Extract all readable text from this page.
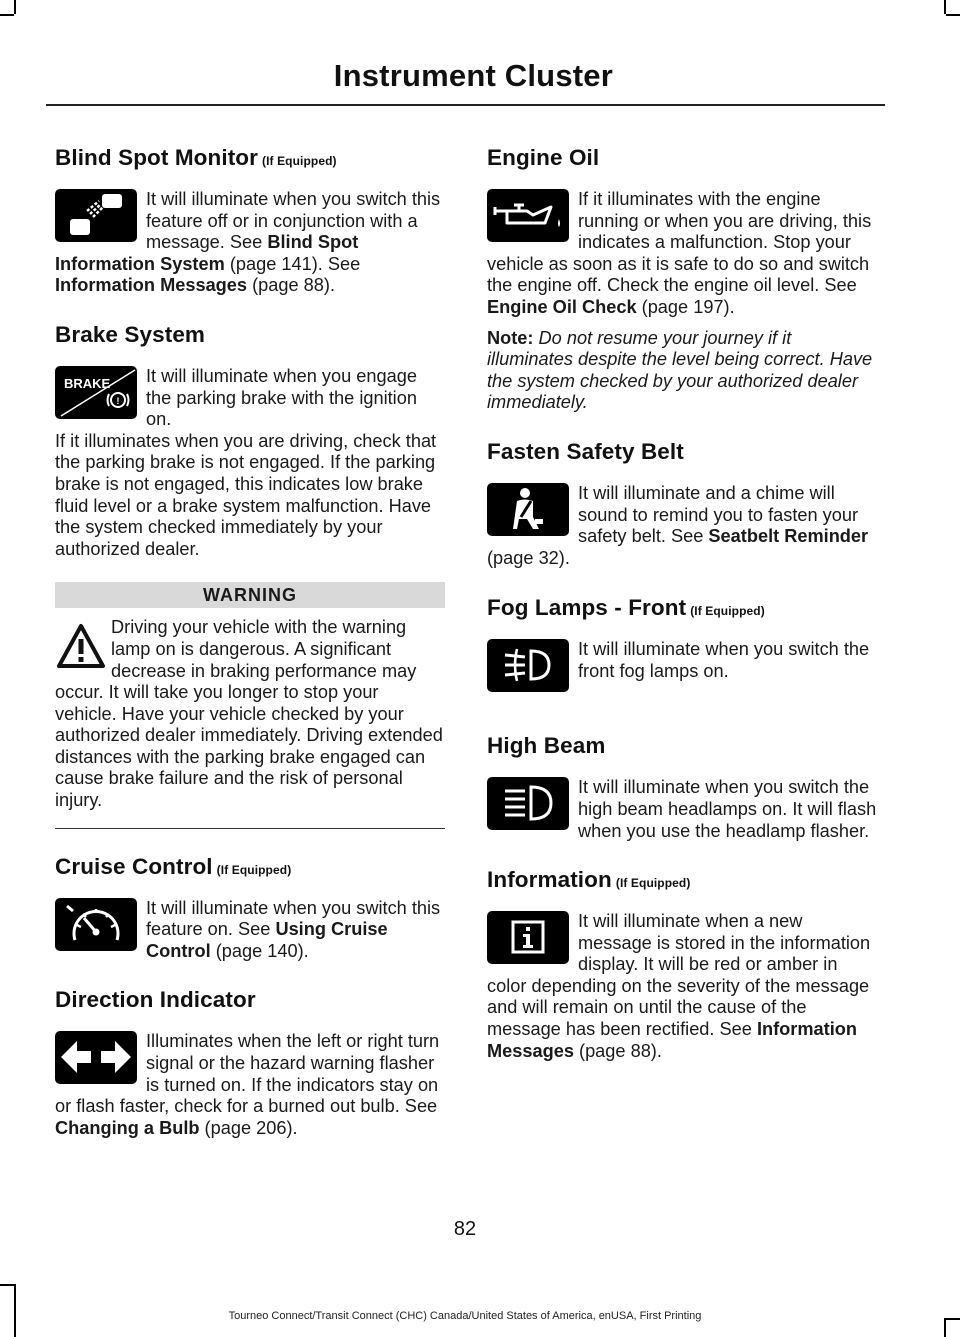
Instrument Cluster
Blind Spot Monitor (If Equipped)

It will illuminate when you switch this feature off or in conjunction with a message. See Blind Spot Information System (page 141). See Information Messages (page 88).

Brake System
BRAKE
!

It will illuminate when you engage the parking brake with the ignition on.

If it illuminates when you are driving, check that the parking brake is not engaged. If the parking brake is not engaged, this indicates low brake fluid level or a brake system malfunction. Have the system checked immediately by your authorized dealer.

WARNING

Driving your vehicle with the warning lamp on is dangerous. A significant decrease in braking performance may occur. It will take you longer to stop your vehicle. Have your vehicle checked by your authorized dealer immediately. Driving extended distances with the parking brake engaged can cause brake failure and the risk of personal injury.

Cruise Control (If Equipped)

It will illuminate when you switch this feature on. See Using Cruise Control (page 140).

Direction Indicator

Illuminates when the left or right turn signal or the hazard warning flasher is turned on. If the indicators stay on or flash faster, check for a burned out bulb. See Changing a Bulb (page 206).

Engine Oil

If it illuminates with the engine running or when you are driving, this indicates a malfunction. Stop your vehicle as soon as it is safe to do so and switch the engine off. Check the engine oil level. See Engine Oil Check (page 197).

Note: Do not resume your journey if it illuminates despite the level being correct. Have the system checked by your authorized dealer immediately.

Fasten Safety Belt

It will illuminate and a chime will sound to remind you to fasten your safety belt. See Seatbelt Reminder (page 32).

Fog Lamps - Front (If Equipped)

It will illuminate when you switch the front fog lamps on.

High Beam

It will illuminate when you switch the high beam headlamps on. It will flash when you use the headlamp flasher.

Information (If Equipped)

It will illuminate when a new message is stored in the information display. It will be red or amber in color depending on the severity of the message and will remain on until the cause of the message has been rectified. See Information Messages (page 88).

82
Tourneo Connect/Transit Connect (CHC) Canada/United States of America, enUSA, First Printing
